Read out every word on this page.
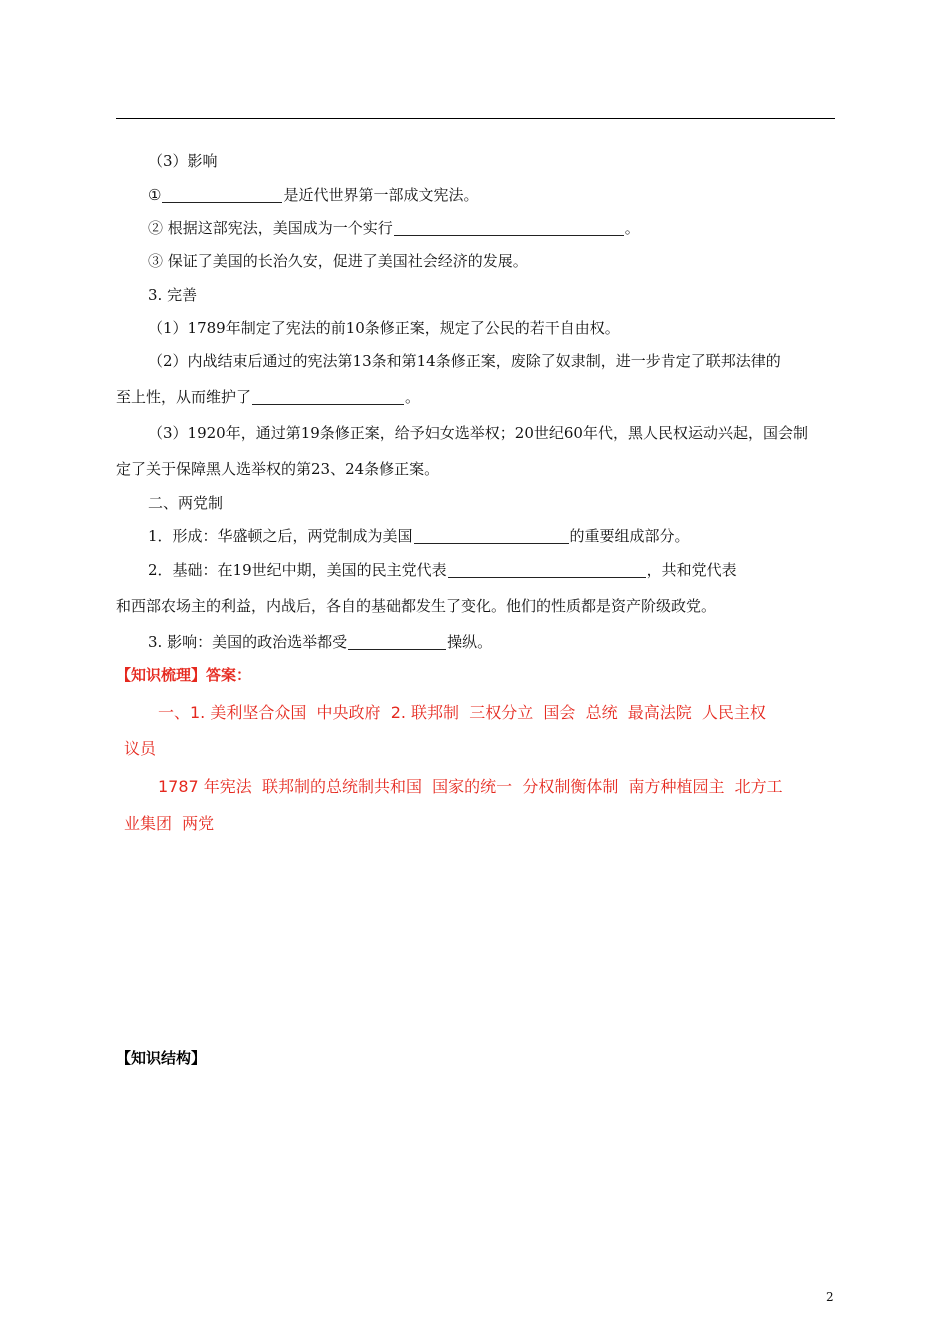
（3）影响
①	是近代世界第一部成文宪法。
② 根据这部宪法，美国成为一个实行	。
③ 保证了美国的长治久安，促进了美国社会经济的发展。
3. 完善
（1）1789年制定了宪法的前10条修正案，规定了公民的若干自由权。
（2）内战结束后通过的宪法第13条和第14条修正案，废除了奴隶制，进一步肯定了联邦法律的
至上性，从而维护了	。
（3）1920年，通过第19条修正案，给予妇女选举权；20世纪60年代，黑人民权运动兴起，国会制
定了关于保障黑人选举权的第23、24条修正案。
二、两党制
1．形成：华盛顿之后，两党制成为美国	的重要组成部分。
2．基础：在19世纪中期，美国的民主党代表	，共和党代表
和西部农场主的利益，内战后，各自的基础都发生了变化。他们的性质都是资产阶级政党。
3. 影响：美国的政治选举都受	操纵。
【知识梳理】答案：
一、1. 美利坚合众国  中央政府  2. 联邦制  三权分立  国会  总统  最高法院  人民主权
议员
1787 年宪法  联邦制的总统制共和国  国家的统一  分权制衡体制  南方种植园主  北方工
业集团  两党
【知识结构】
2
